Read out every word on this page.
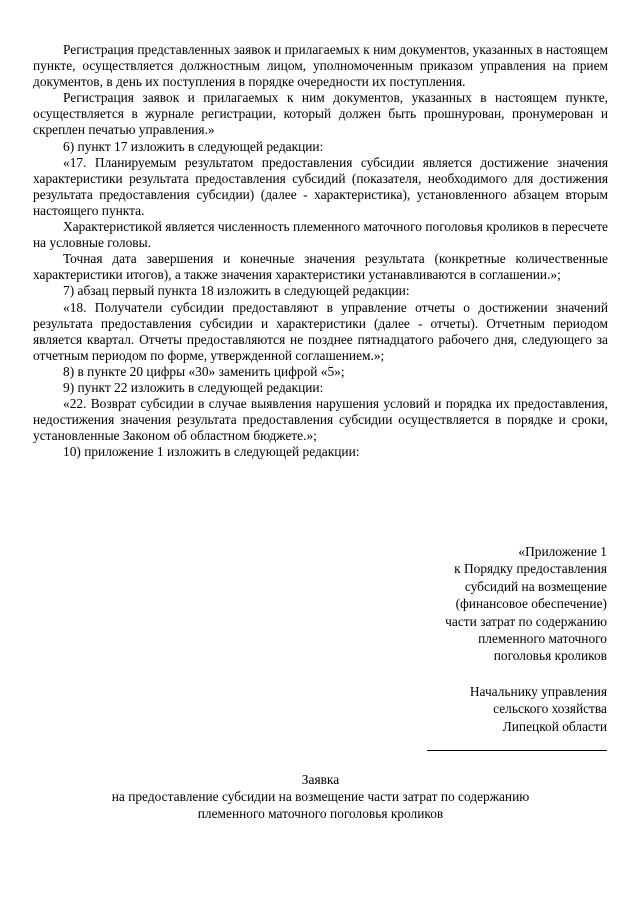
Регистрация представленных заявок и прилагаемых к ним документов, указанных в настоящем пункте, осуществляется должностным лицом, уполномоченным приказом управления на прием документов, в день их поступления в порядке очередности их поступления.

Регистрация заявок и прилагаемых к ним документов, указанных в настоящем пункте, осуществляется в журнале регистрации, который должен быть прошнурован, пронумерован и скреплен печатью управления.»

6) пункт 17 изложить в следующей редакции:

«17. Планируемым результатом предоставления субсидии является достижение значения характеристики результата предоставления субсидий (показателя, необходимого для достижения результата предоставления субсидии) (далее - характеристика), установленного абзацем вторым настоящего пункта.

Характеристикой является численность племенного маточного поголовья кроликов в пересчете на условные головы.

Точная дата завершения и конечные значения результата (конкретные количественные характеристики итогов), а также значения характеристики устанавливаются в соглашении.»;

7) абзац первый пункта 18 изложить в следующей редакции:

«18. Получатели субсидии предоставляют в управление отчеты о достижении значений результата предоставления субсидии и характеристики (далее - отчеты). Отчетным периодом является квартал. Отчеты предоставляются не позднее пятнадцатого рабочего дня, следующего за отчетным периодом по форме, утвержденной соглашением.»;

8) в пункте 20 цифры «30» заменить цифрой «5»;

9) пункт 22 изложить в следующей редакции:

«22. Возврат субсидии в случае выявления нарушения условий и порядка их предоставления, недостижения значения результата предоставления субсидии осуществляется в порядке и сроки, установленные Законом об областном бюджете.»;

10) приложение 1 изложить в следующей редакции:

«Приложение 1
к Порядку предоставления
субсидий на возмещение
(финансовое обеспечение)
части затрат по содержанию
племенного маточного
поголовья кроликов
Начальнику управления
сельского хозяйства
Липецкой области
Заявка
на предоставление субсидии на возмещение части затрат по содержанию
племенного маточного поголовья кроликов
